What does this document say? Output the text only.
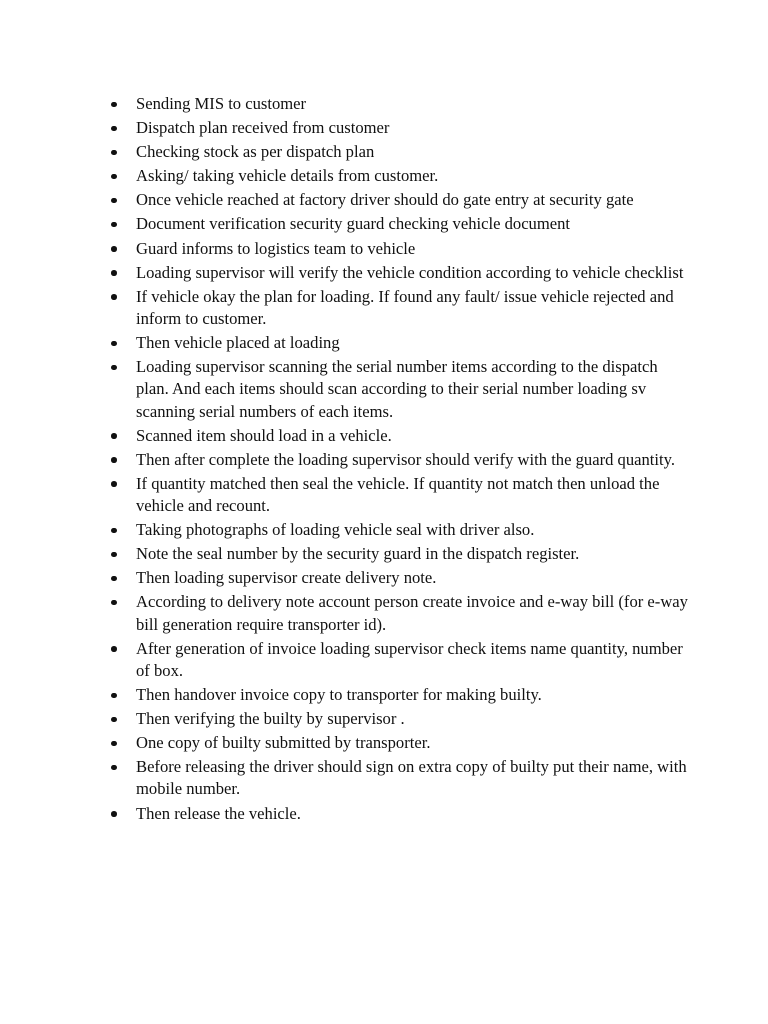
Sending MIS to customer
Dispatch plan received from customer
Checking stock as per dispatch plan
Asking/ taking vehicle details from customer.
Once vehicle reached at factory driver should do gate entry at security gate
Document verification security guard checking vehicle document
Guard informs to logistics team to vehicle
Loading supervisor will verify the vehicle condition according to vehicle checklist
If vehicle okay the plan for loading. If found any fault/ issue vehicle rejected and inform to customer.
Then vehicle placed at loading
Loading supervisor scanning the serial number items according to the dispatch plan. And each items should scan according to their serial number loading sv scanning serial numbers of each items.
Scanned item should load in a vehicle.
Then after complete the loading supervisor should verify with the guard quantity.
If quantity matched then seal the vehicle. If quantity not match then unload the vehicle and recount.
Taking photographs of loading vehicle seal with driver also.
Note the seal number by the security guard in the dispatch register.
Then loading supervisor create delivery note.
According to delivery note account person create invoice and e-way bill (for e-way bill generation require transporter id).
After generation of invoice loading supervisor check items name quantity, number of box.
Then handover invoice copy to transporter for making builty.
Then verifying the builty by supervisor .
One copy of builty submitted by transporter.
Before releasing the driver should sign on extra copy of builty put their name, with mobile number.
Then release the vehicle.
